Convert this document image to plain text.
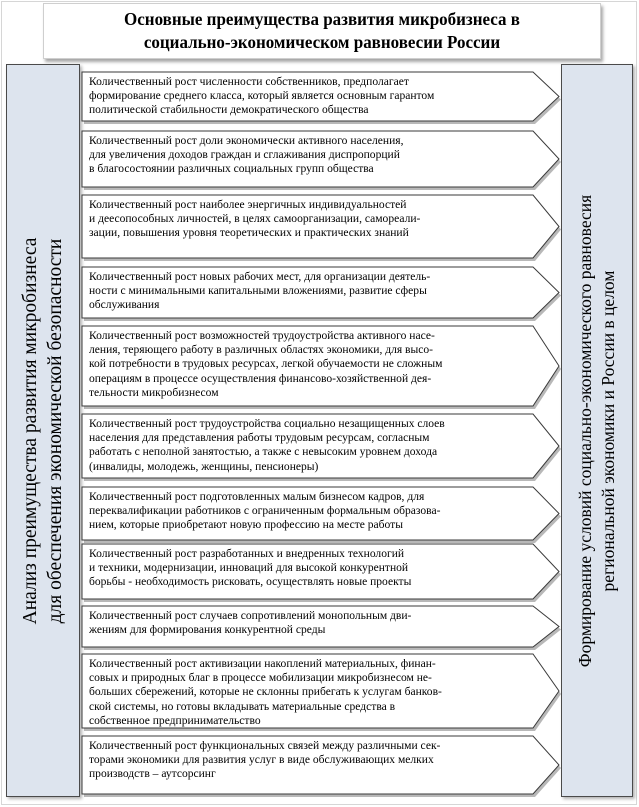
Основные преимущества развития микробизнеса в
социально-экономическом равновесии России
Анализ преимущества развития микробизнеса для обеспечения экономической безопасности	Формирование условий социально-экономического равновесия региональной экономики и России в целом
Количественный рост численности собственников, предполагает
формирование среднего класса, который является основным гарантом
политической стабильности демократического общества
Количественный рост доли экономически активного населения,
для увеличения доходов граждан и сглаживания диспропорций
в благосостоянии различных социальных групп общества
Количественный рост наиболее энергичных индивидуальностей
и деесопособных личностей, в целях самоорганизации, самореали-
зации, повышения уровня теоретических и практических знаний
Количественный рост новых рабочих мест, для организации деятель-
ности с минимальными капитальными вложениями, развитие сферы
обслуживания
Количественный рост возможностей трудоустройства активного насе-
ления, теряющего работу в различных областях экономики, для высо-
кой потребности в трудовых ресурсах, легкой обучаемости не сложным
операциям в процессе осуществления финансово-хозяйственной дея-
тельности микробизнесом
Количественный рост трудоустройства социально незащищенных слоев
населения для представления работы трудовым ресурсам, согласным
работать с неполной занятостью, а также с невысоким уровнем дохода
(инвалиды, молодежь, женщины, пенсионеры)
Количественный рост подготовленных малым бизнесом кадров, для
переквалификации работников с ограниченным формальным образова-
нием, которые приобретают новую профессию на месте работы
Количественный рост разработанных и внедренных технологий
и техники, модернизации, инноваций для высокой конкурентной
борьбы - необходимость рисковать, осуществлять новые проекты
Количественный рост случаев сопротивлений монопольным дви-
жениям для формирования конкурентной среды
Количественный рост активизации накоплений материальных, финан-
совых и природных благ в процессе мобилизации микробизнесом не-
больших сбережений, которые не склонны прибегать к услугам банков-
ской системы, но готовы вкладывать материальные средства в
собственное предпринимательство
Количественный рост функциональных связей между различными сек-
торами экономики для развития услуг в виде обслуживающих мелких
производств – аутсорсинг
